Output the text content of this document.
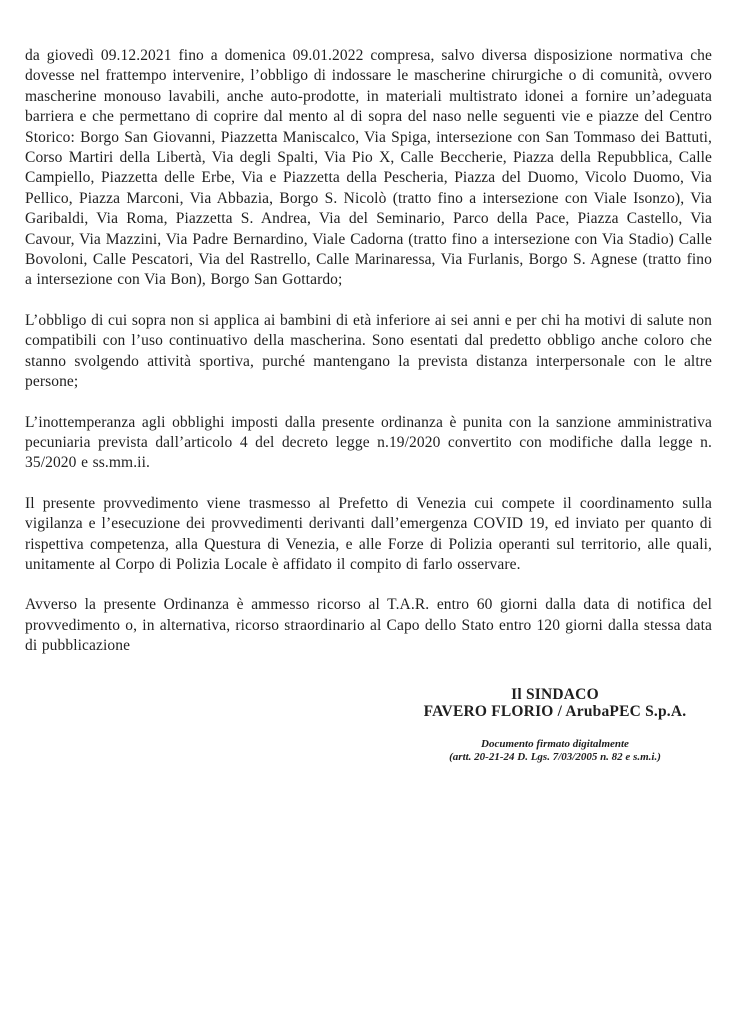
da giovedì 09.12.2021 fino a domenica 09.01.2022 compresa, salvo diversa disposizione normativa che dovesse nel frattempo intervenire, l’obbligo di indossare le mascherine chirurgiche o di comunità, ovvero mascherine monouso lavabili, anche auto-prodotte, in materiali multistrato idonei a fornire un’adeguata barriera e che permettano di coprire dal mento al di sopra del naso nelle seguenti vie e piazze del Centro Storico: Borgo San Giovanni, Piazzetta Maniscalco, Via Spiga, intersezione con San Tommaso dei Battuti, Corso Martiri della Libertà, Via degli Spalti, Via Pio X, Calle Beccherie, Piazza della Repubblica, Calle Campiello, Piazzetta delle Erbe, Via e Piazzetta della Pescheria, Piazza del Duomo, Vicolo Duomo, Via Pellico, Piazza Marconi, Via Abbazia, Borgo S. Nicolò (tratto fino a intersezione con Viale Isonzo), Via Garibaldi, Via Roma, Piazzetta S. Andrea, Via del Seminario, Parco della Pace, Piazza Castello, Via Cavour, Via Mazzini, Via Padre Bernardino, Viale Cadorna (tratto fino a intersezione con Via Stadio) Calle Bovoloni, Calle Pescatori, Via del Rastrello, Calle Marinaressa, Via Furlanis, Borgo S. Agnese (tratto fino a intersezione con Via Bon), Borgo San Gottardo;

L’obbligo di cui sopra non si applica ai bambini di età inferiore ai sei anni e per chi ha motivi di salute non compatibili con l’uso continuativo della mascherina. Sono esentati dal predetto obbligo anche coloro che stanno svolgendo attività sportiva, purché mantengano la prevista distanza interpersonale con le altre persone;

L’inottemperanza agli obblighi imposti dalla presente ordinanza è punita con la sanzione amministrativa pecuniaria prevista dall’articolo 4 del decreto legge n.19/2020 convertito con modifiche dalla legge n. 35/2020 e ss.mm.ii.

Il presente provvedimento viene trasmesso al Prefetto di Venezia cui compete il coordinamento sulla vigilanza e l’esecuzione dei provvedimenti derivanti dall’emergenza COVID 19, ed inviato per quanto di rispettiva competenza, alla Questura di Venezia, e alle Forze di Polizia operanti sul territorio, alle quali, unitamente al Corpo di Polizia Locale è affidato il compito di farlo osservare.

Avverso la presente Ordinanza è ammesso ricorso al T.A.R. entro 60 giorni dalla data di notifica del provvedimento o, in alternativa, ricorso straordinario al Capo dello Stato entro 120 giorni dalla stessa data di pubblicazione

Il SINDACO
FAVERO FLORIO / ArubaPEC S.p.A.
Documento firmato digitalmente
(artt. 20-21-24 D. Lgs. 7/03/2005 n. 82 e s.m.i.)
